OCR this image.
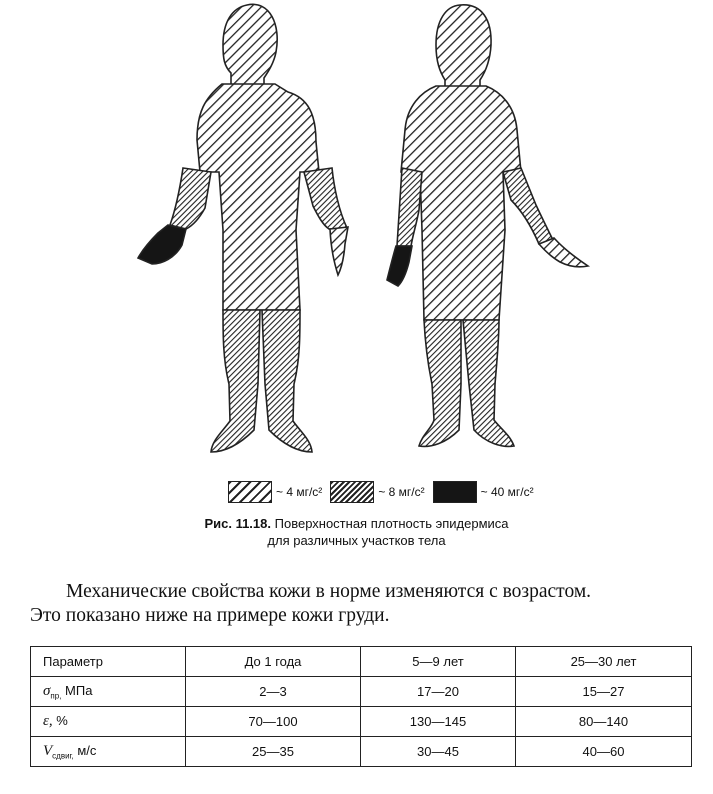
~ 4 мг/с²	~ 8 мг/с²	~ 40 мг/с²
Рис. 11.18. Поверхностная плотность эпидермиса
для различных участков тела
Механические свойства кожи в норме изменяются с возрастом.
Это показано ниже на примере кожи груди.
Параметр	До 1 года	5—9 лет	25—30 лет
$\sigma_{пр,}$ МПа	2—3	17—20	15—27
ε, %	70—100	130—145	80—140
$V_{сдвиг,}$ м/с	25—35	30—45	40—60
